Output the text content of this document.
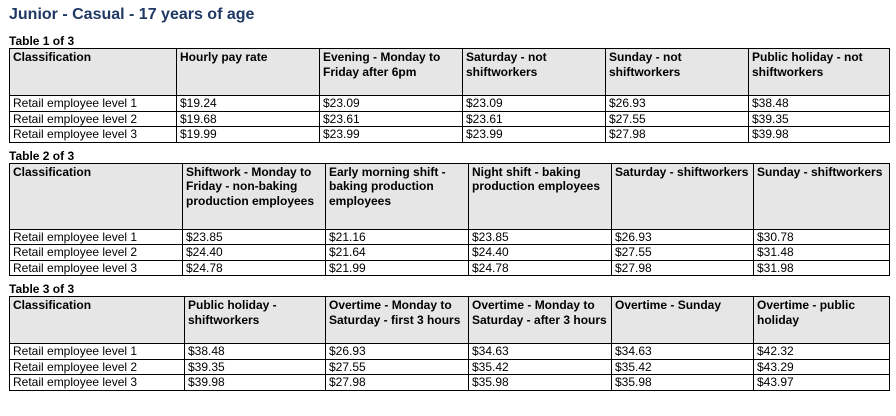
Junior - Casual - 17 years of age
Table 1 of 3
Classification	Hourly pay rate	Evening - Monday to Friday after 6pm	Saturday - not shiftworkers	Sunday - not shiftworkers	Public holiday - not shiftworkers
Retail employee level 1	$19.24	$23.09	$23.09	$26.93	$38.48
Retail employee level 2	$19.68	$23.61	$23.61	$27.55	$39.35
Retail employee level 3	$19.99	$23.99	$23.99	$27.98	$39.98
Table 2 of 3
Classification	Shiftwork - Monday to Friday - non-baking production employees	Early morning shift - baking production employees	Night shift - baking production employees	Saturday - shiftworkers	Sunday - shiftworkers
Retail employee level 1	$23.85	$21.16	$23.85	$26.93	$30.78
Retail employee level 2	$24.40	$21.64	$24.40	$27.55	$31.48
Retail employee level 3	$24.78	$21.99	$24.78	$27.98	$31.98
Table 3 of 3
Classification	Public holiday - shiftworkers	Overtime - Monday to Saturday - first 3 hours	Overtime - Monday to Saturday - after 3 hours	Overtime - Sunday	Overtime - public holiday
Retail employee level 1	$38.48	$26.93	$34.63	$34.63	$42.32
Retail employee level 2	$39.35	$27.55	$35.42	$35.42	$43.29
Retail employee level 3	$39.98	$27.98	$35.98	$35.98	$43.97
